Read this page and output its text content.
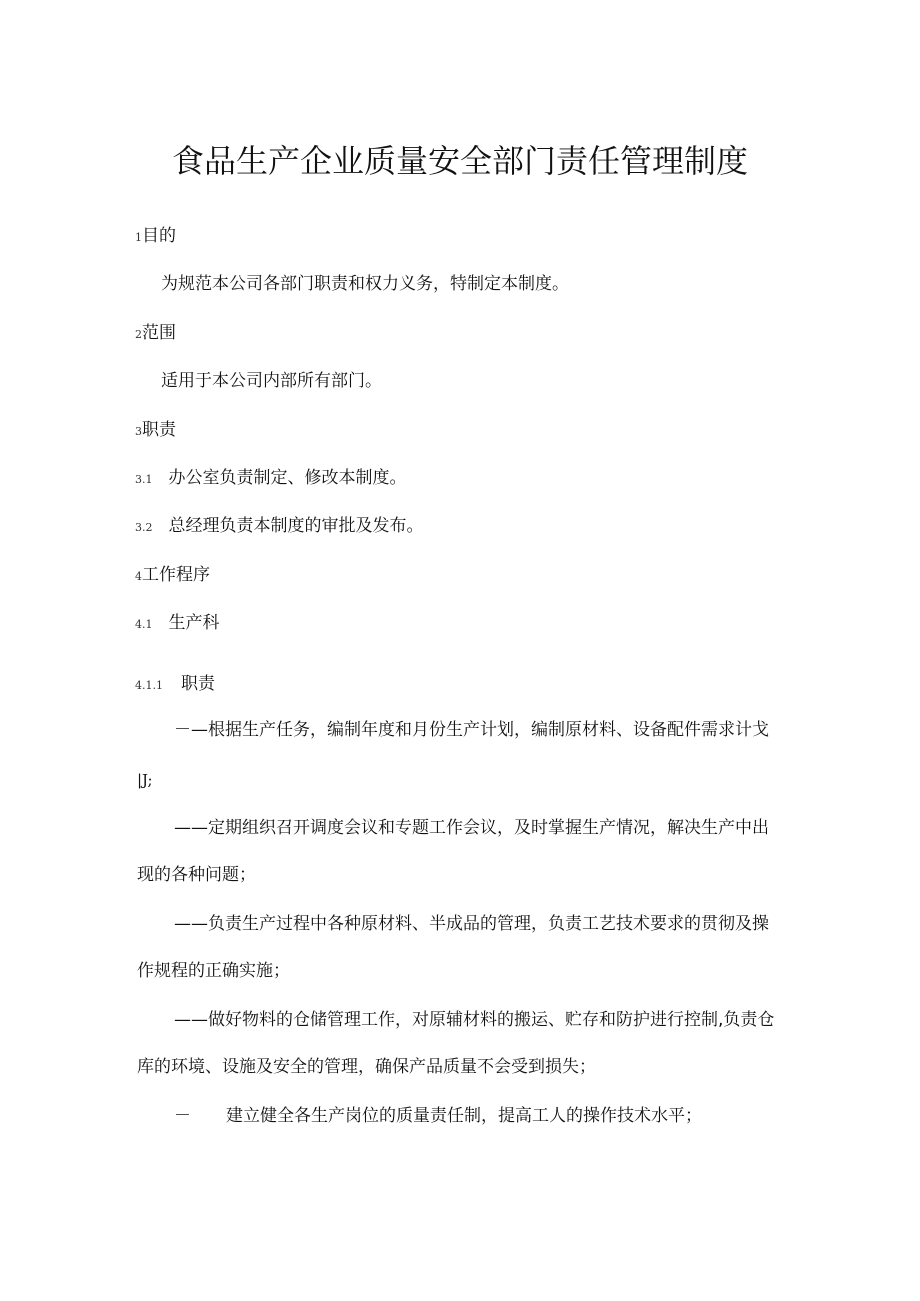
食品生产企业质量安全部门责任管理制度
1目的
为规范本公司各部门职责和权力义务，特制定本制度。
2范围
适用于本公司内部所有部门。
3职责
3.1 办公室负责制定、修改本制度。
3.2 总经理负责本制度的审批及发布。
4工作程序
4.1 生产科
4.1.1 职责
－—根据生产任务，编制年度和月份生产计划，编制原材料、设备配件需求计戈
|J;
——定期组织召开调度会议和专题工作会议，及时掌握生产情况，解决生产中出
现的各种问题；
——负责生产过程中各种原材料、半成品的管理，负责工艺技术要求的贯彻及操
作规程的正确实施；
——做好物料的仓储管理工作，对原辅材料的搬运、贮存和防护进行控制,负责仓
库的环境、设施及安全的管理，确保产品质量不会受到损失；
－ 建立健全各生产岗位的质量责任制，提高工人的操作技术水平；
